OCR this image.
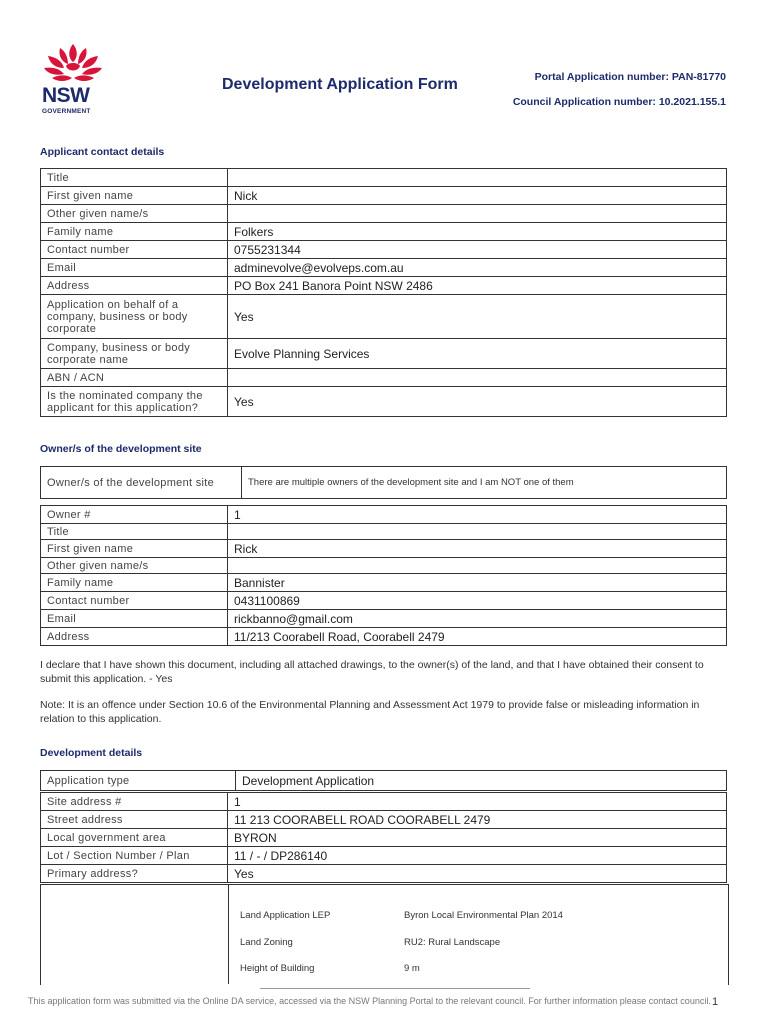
NSW
GOVERNMENT
Development Application Form	Portal Application number: PAN-81770
Council Application number: 10.2021.155.1
Applicant contact details
Title	
First given name	Nick
Other given name/s	
Family name	Folkers
Contact number	0755231344
Email	adminevolve@evolveps.com.au
Address	PO Box 241 Banora Point NSW 2486
Application on behalf of a company, business or body corporate	Yes
Company, business or body corporate name	Evolve Planning Services
ABN / ACN	
Is the nominated company the applicant for this application?	Yes
Owner/s of the development site
Owner/s of the development site	There are multiple owners of the development site and I am NOT one of them
Owner #	1
Title	
First given name	Rick
Other given name/s	
Family name	Bannister
Contact number	0431100869
Email	rickbanno@gmail.com
Address	11/213 Coorabell Road, Coorabell 2479
I declare that I have shown this document, including all attached drawings, to the owner(s) of the land, and that I have obtained their consent to submit this application. - Yes
Note: It is an offence under Section 10.6 of the Environmental Planning and Assessment Act 1979 to provide false or misleading information in relation to this application.
Development details
Application type	Development Application
Site address #	1
Street address	11 213 COORABELL ROAD COORABELL 2479
Local government area	BYRON
Lot / Section Number / Plan	11 / - / DP286140
Primary address?	Yes
Land Application LEP	Byron Local Environmental Plan 2014
Land Zoning	RU2: Rural Landscape
Height of Building	9 m
This application form was submitted via the Online DA service, accessed via the NSW Planning Portal to the relevant council. For further information please contact council. 1
